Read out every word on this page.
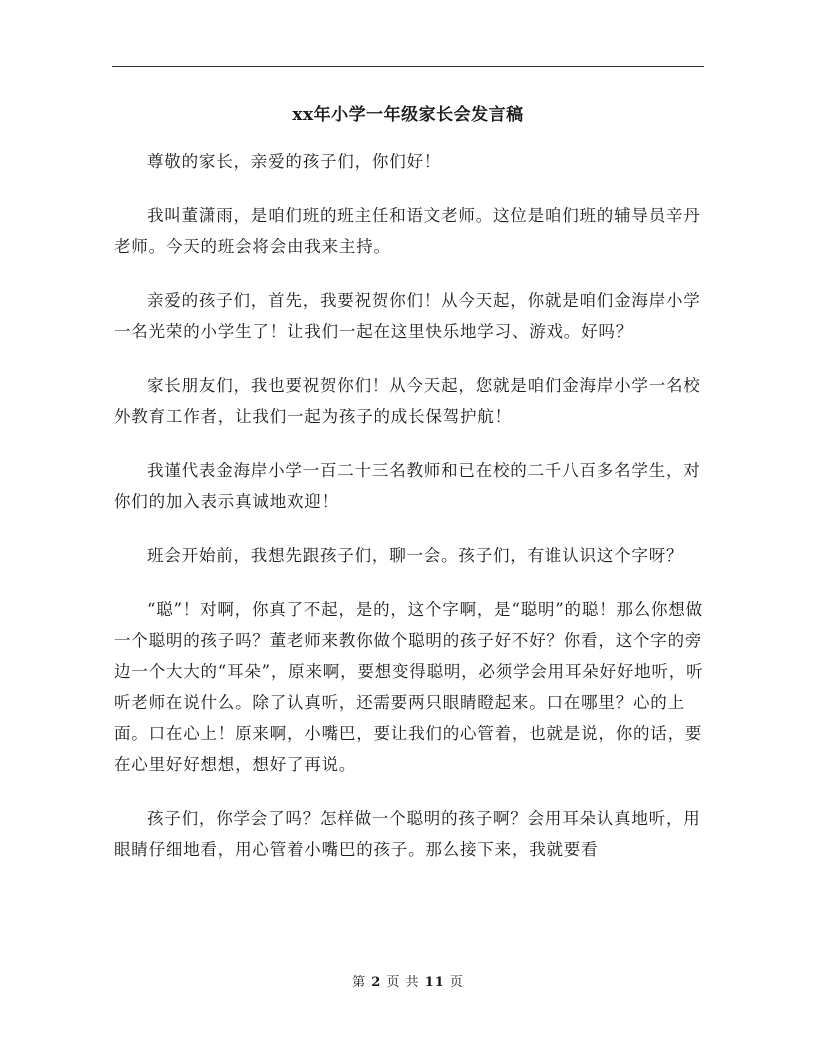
xx年小学一年级家长会发言稿

尊敬的家长，亲爱的孩子们，你们好！

我叫董潇雨，是咱们班的班主任和语文老师。这位是咱们班的辅导员辛丹老师。今天的班会将会由我来主持。

亲爱的孩子们，首先，我要祝贺你们！从今天起，你就是咱们金海岸小学一名光荣的小学生了！让我们一起在这里快乐地学习、游戏。好吗？

家长朋友们，我也要祝贺你们！从今天起，您就是咱们金海岸小学一名校外教育工作者，让我们一起为孩子的成长保驾护航！

我谨代表金海岸小学一百二十三名教师和已在校的二千八百多名学生，对你们的加入表示真诚地欢迎！

班会开始前，我想先跟孩子们，聊一会。孩子们，有谁认识这个字呀？

“聪”！对啊，你真了不起，是的，这个字啊，是“聪明”的聪！那么你想做一个聪明的孩子吗？董老师来教你做个聪明的孩子好不好？你看，这个字的旁边一个大大的“耳朵”，原来啊，要想变得聪明，必须学会用耳朵好好地听，听听老师在说什么。除了认真听，还需要两只眼睛瞪起来。口在哪里？心的上面。口在心上！原来啊，小嘴巴，要让我们的心管着，也就是说，你的话，要在心里好好想想，想好了再说。

孩子们，你学会了吗？怎样做一个聪明的孩子啊？会用耳朵认真地听，用眼睛仔细地看，用心管着小嘴巴的孩子。那么接下来，我就要看

第 2 页 共 11 页
